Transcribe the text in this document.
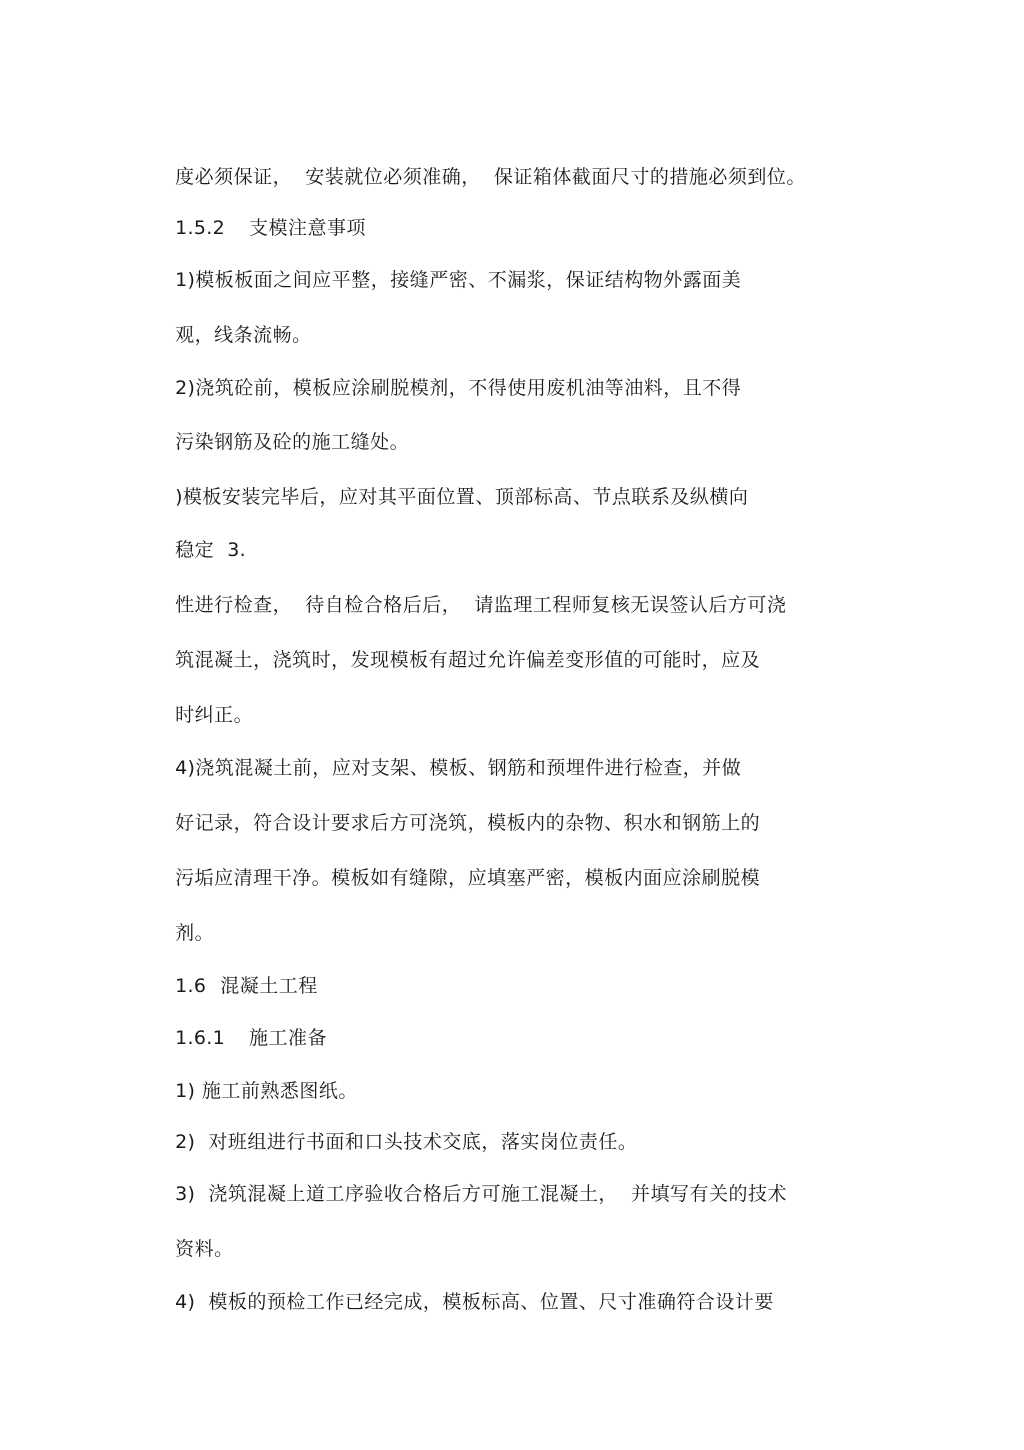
度必须保证，  安装就位必须准确，  保证箱体截面尺寸的措施必须到位。

1.5.2 支模注意事项

1)模板板面之间应平整，接缝严密、不漏浆，保证结构物外露面美

观，线条流畅。

2)浇筑砼前，模板应涂刷脱模剂，不得使用废机油等油料，且不得

污染钢筋及砼的施工缝处。

)模板安装完毕后，应对其平面位置、顶部标高、节点联系及纵横向

稳定 3.

性进行检查，  待自检合格后后，  请监理工程师复核无误签认后方可浇

筑混凝土，浇筑时，发现模板有超过允许偏差变形值的可能时，应及

时纠正。

4)浇筑混凝土前，应对支架、模板、钢筋和预埋件进行检查，并做

好记录，符合设计要求后方可浇筑，模板内的杂物、积水和钢筋上的

污垢应清理干净。模板如有缝隙，应填塞严密，模板内面应涂刷脱模

剂。

1.6 混凝土工程

1.6.1 施工准备

1) 施工前熟悉图纸。

2) 对班组进行书面和口头技术交底，落实岗位责任。

3) 浇筑混凝上道工序验收合格后方可施工混凝土，  并填写有关的技术

资料。

4) 模板的预检工作已经完成，模板标高、位置、尺寸准确符合设计要
